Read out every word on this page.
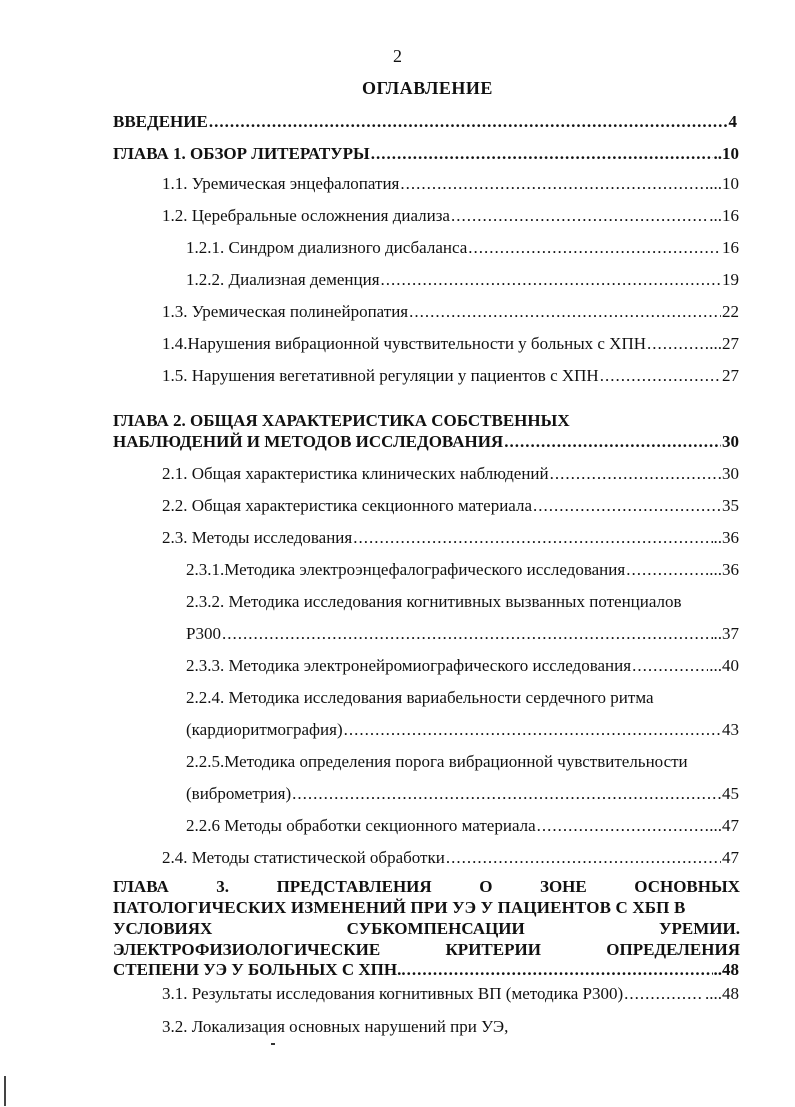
2
ОГЛАВЛЕНИЕ
ВВЕДЕНИЕ .....	4
ГЛАВА 1. ОБЗОР ЛИТЕРАТУРЫ .....	..10
1.1. Уремическая энцефалопатия .....	...10
1.2. Церебральные осложнения диализа .....	...16
1.2.1. Синдром диализного дисбаланса .....	16
1.2.2. Диализная деменция .....	19
1.3. Уремическая полинейропатия .....	22
1.4.Нарушения вибрационной чувствительности у больных с ХПН .....	...27
1.5. Нарушения вегетативной регуляции у пациентов с ХПН .....	27
ГЛАВА 2. ОБЩАЯ ХАРАКТЕРИСТИКА СОБСТВЕННЫХ
НАБЛЮДЕНИЙ И МЕТОДОВ ИССЛЕДОВАНИЯ .....	30
2.1. Общая характеристика клинических наблюдений .....	30
2.2. Общая характеристика секционного материала .....	35
2.3. Методы исследования .....	..36
2.3.1.Методика электроэнцефалографического исследования .....	....36
2.3.2. Методика исследования когнитивных вызванных потенциалов
Р300 .....	..37
2.3.3. Методика электронейромиографического исследования .....	...40
2.2.4. Методика исследования вариабельности сердечного ритма
(кардиоритмография) .....	43
2.2.5.Методика определения порога вибрационной чувствительности
(виброметрия) .....	45
2.2.6 Методы обработки секционного материала .....	...47
2.4. Методы статистической обработки .....	47
ГЛАВА	3.	ПРЕДСТАВЛЕНИЯ	О	ЗОНЕ	ОСНОВНЫХ
ПАТОЛОГИЧЕСКИХ ИЗМЕНЕНИЙ ПРИ УЭ У ПАЦИЕНТОВ С ХБП В
УСЛОВИЯХ	СУБКОМПЕНСАЦИИ	УРЕМИИ.
ЭЛЕКТРОФИЗИОЛОГИЧЕСКИЕ	КРИТЕРИИ	ОПРЕДЕЛЕНИЯ
СТЕПЕНИ УЭ У БОЛЬНЫХ С ХПН.. .....	..48
3.1. Результаты исследования когнитивных ВП (методика Р300) .....	....48
3.2. Локализация основных нарушений при УЭ,
